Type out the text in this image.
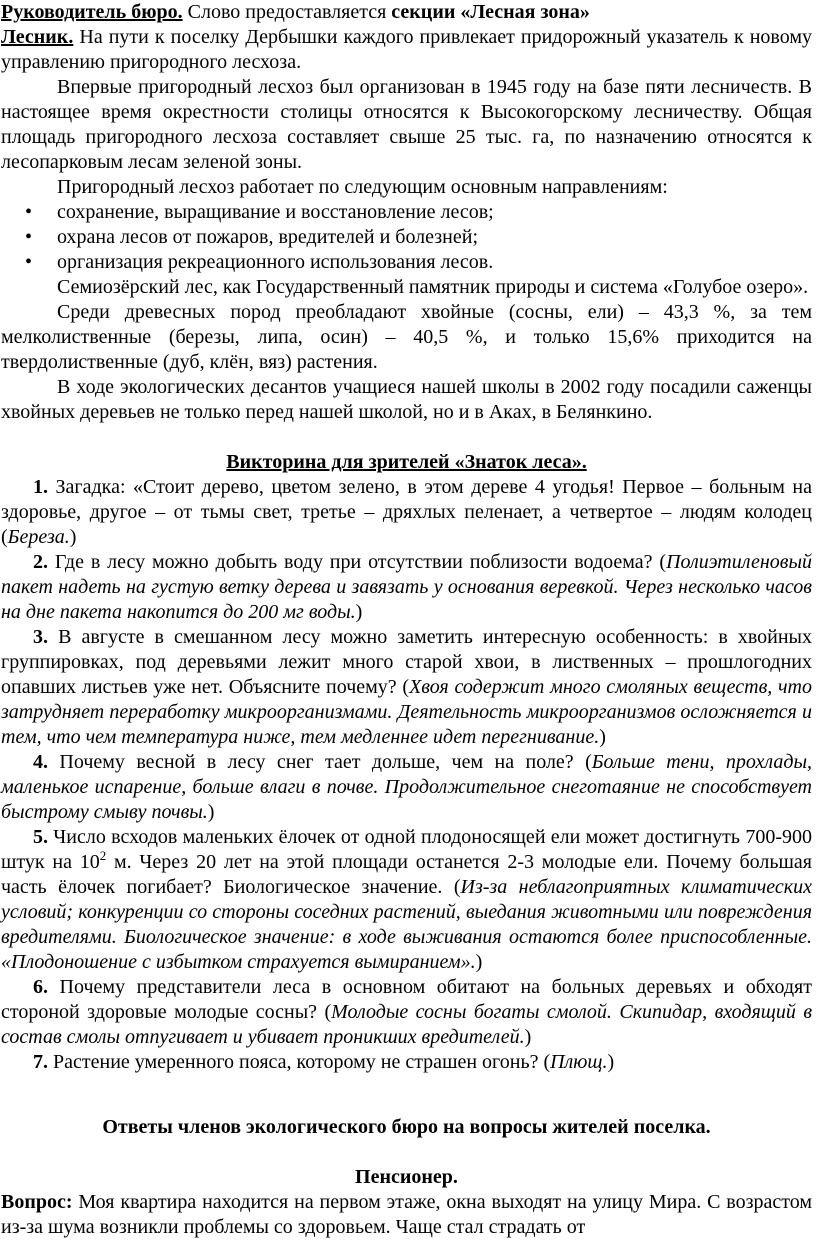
Руководитель бюро. Слово предоставляется секции «Лесная зона»

Лесник. На пути к поселку Дербышки каждого привлекает придорожный указатель к новому управлению пригородного лесхоза.

Впервые пригородный лесхоз был организован в 1945 году на базе пяти лесничеств. В настоящее время окрестности столицы относятся к Высокогорскому лесничеству. Общая площадь пригородного лесхоза составляет свыше 25 тыс. га, по назначению относятся к лесопарковым лесам зеленой зоны.

Пригородный лесхоз работает по следующим основным направлениям:

• сохранение, выращивание и восстановление лесов;
• охрана лесов от пожаров, вредителей и болезней;
• организация рекреационного использования лесов.

Семиозёрский лес, как Государственный памятник природы и система «Голубое озеро».

Среди древесных пород преобладают хвойные (сосны, ели) – 43,3 %, за тем мелколиственные (березы, липа, осин) – 40,5 %, и только 15,6% приходится на твердолиственные (дуб, клён, вяз) растения.

В ходе экологических десантов учащиеся нашей школы в 2002 году посадили саженцы хвойных деревьев не только перед нашей школой, но и в Аках, в Белянкино.

Викторина для зрителей «Знаток леса».

1. Загадка: «Стоит дерево, цветом зелено, в этом дереве 4 угодья! Первое – больным на здоровье, другое – от тьмы свет, третье – дряхлых пеленает, а четвертое – людям колодец (Береза.)

2. Где в лесу можно добыть воду при отсутствии поблизости водоема? (Полиэтиленовый пакет надеть на густую ветку дерева и завязать у основания веревкой. Через несколько часов на дне пакета накопится до 200 мг воды.)

3. В августе в смешанном лесу можно заметить интересную особенность: в хвойных группировках, под деревьями лежит много старой хвои, в лиственных – прошлогодних опавших листьев уже нет. Объясните почему? (Хвоя содержит много смоляных веществ, что затрудняет переработку микроорганизмами. Деятельность микроорганизмов осложняется и тем, что чем температура ниже, тем медленнее идет перегнивание.)

4. Почему весной в лесу снег тает дольше, чем на поле? (Больше тени, прохлады, маленькое испарение, больше влаги в почве. Продолжительное снеготаяние не способствует быстрому смыву почвы.)

5. Число всходов маленьких ёлочек от одной плодоносящей ели может достигнуть 700-900 штук на $10^2$ м. Через 20 лет на этой площади останется 2-3 молодые ели. Почему большая часть ёлочек погибает? Биологическое значение. (Из-за неблагоприятных климатических условий; конкуренции со стороны соседних растений, выедания животными или повреждения вредителями. Биологическое значение: в ходе выживания остаются более приспособленные. «Плодоношение с избытком страхуется вымиранием».)

6. Почему представители леса в основном обитают на больных деревьях и обходят стороной здоровые молодые сосны? (Молодые сосны богаты смолой. Скипидар, входящий в состав смолы отпугивает и убивает проникших вредителей.)

7. Растение умеренного пояса, которому не страшен огонь? (Плющ.)

Ответы членов экологического бюро на вопросы жителей поселка.

Пенсионер.

Вопрос: Моя квартира находится на первом этаже, окна выходят на улицу Мира. С возрастом из-за шума возникли проблемы со здоровьем. Чаще стал страдать от
